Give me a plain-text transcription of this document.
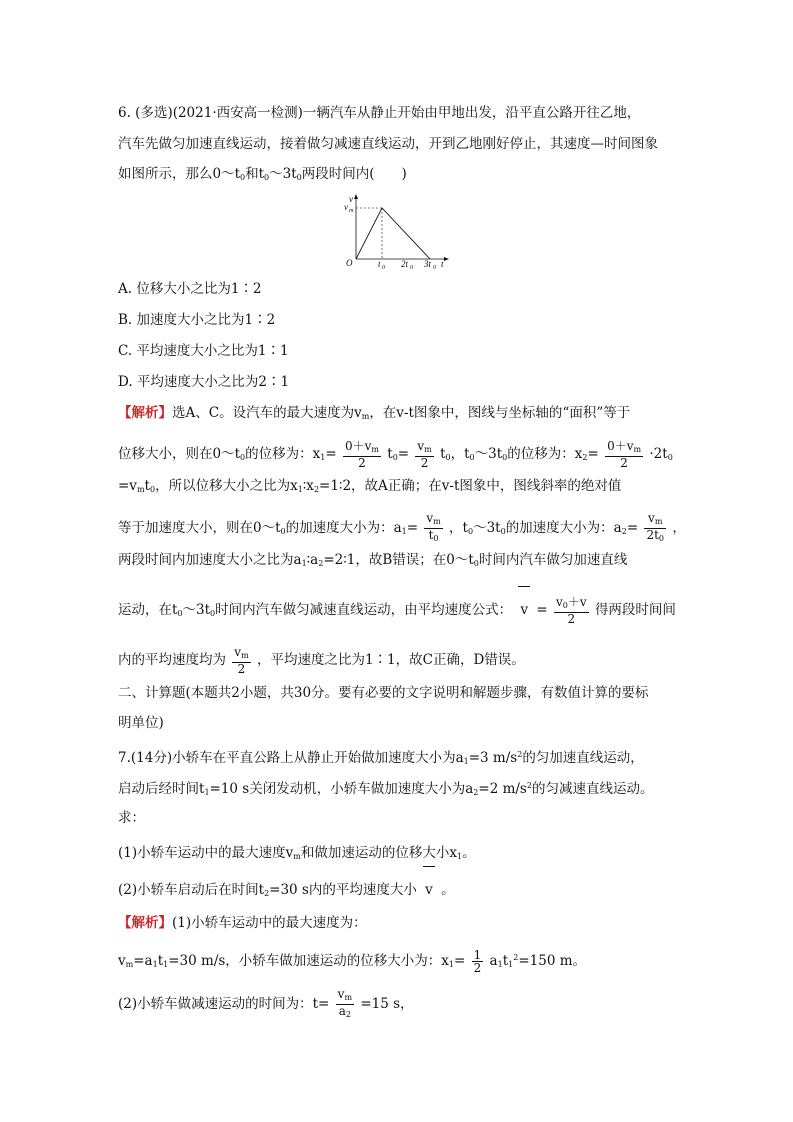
6. (多选)(2021·西安高一检测)一辆汽车从静止开始由甲地出发，沿平直公路开往乙地，
汽车先做匀加速直线运动，接着做匀减速直线运动，开到乙地刚好停止，其速度—时间图象
如图所示，那么$0\sim t_0$和$t_0\sim 3t_0$两段时间内(　　)
v
v m
O	t 0 2t 0 3t 0 t
A. 位移大小之比为1∶2
B. 加速度大小之比为1∶2
C. 平均速度大小之比为1∶1
D. 平均速度大小之比为2∶1
【解析】选A、C。设汽车的最大速度为$v_m$，在v-t图象中，图线与坐标轴的“面积”等于
位移大小，则在$0\sim t_0$的位移为：$x_1= \frac{0+v_m}{2} t_0= \frac{v_m}{2} t_0$，$t_0\sim 3t_0$的位移为：$x_2= \frac{0+v_m}{2} \cdot 2t_0$
$=v_mt_0$，所以位移大小之比为$x_1∶x_2=1∶2$，故A正确；在v-t图象中，图线斜率的绝对值
等于加速度大小，则在$0\sim t_0$的加速度大小为：$a_1= \frac{v_m}{t_0}$ ，$t_0\sim 3t_0$的加速度大小为：$a_2= \frac{v_m}{2t_0}$ ，
两段时间内加速度大小之比为$a_1∶a_2=2∶1$，故B错误；在$0\sim t_0$时间内汽车做匀加速直线
运动，在$t_0\sim 3t_0$时间内汽车做匀减速直线运动，由平均速度公式： $v = \frac{v_0+v}{2}$ 得两段时间间
内的平均速度均为 $\frac{v_m}{2}$ ，平均速度之比为1∶1，故C正确，D错误。
二、计算题(本题共2小题，共30分。要有必要的文字说明和解题步骤，有数值计算的要标
明单位)
7.(14分)小轿车在平直公路上从静止开始做加速度大小为$a_1=3$ $m/s^2$的匀加速直线运动，
启动后经时间$t_1=10$ s关闭发动机，小轿车做加速度大小为$a_2=2$ $m/s^2$的匀减速直线运动。
求：
(1)小轿车运动中的最大速度$v_m$和做加速运动的位移大小$x_1$。
(2)小轿车启动后在时间$t_2=30$ s内的平均速度大小 v 。
【解析】(1)小轿车运动中的最大速度为：
$v_m=a_1t_1=30$ m/s，小轿车做加速运动的位移大小为：$x_1= \frac{1}{2} a_1t_1^2=150$ m。
(2)小轿车做减速运动的时间为：$t= \frac{v_m}{a_2} =15$ s，
